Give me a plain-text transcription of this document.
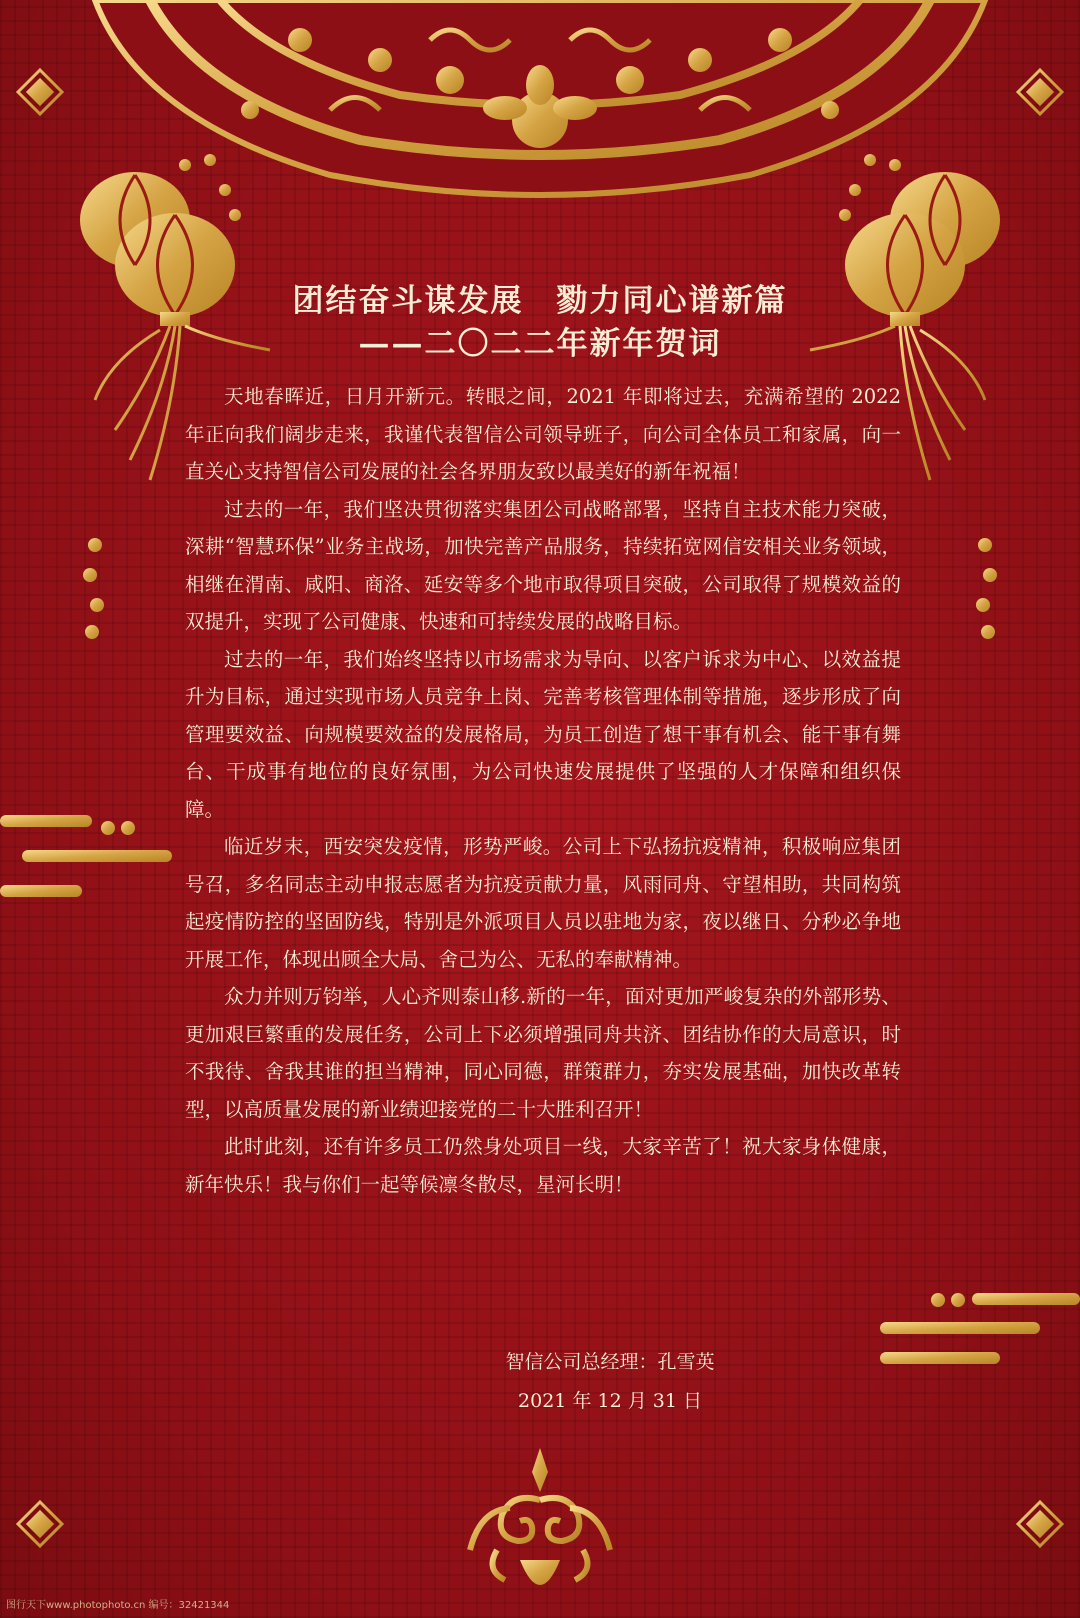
团结奋斗谋发展　勠力同心谱新篇
——二〇二二年新年贺词

天地春晖近，日月开新元。转眼之间，2021 年即将过去，充满希望的 2022 年正向我们阔步走来，我谨代表智信公司领导班子，向公司全体员工和家属，向一直关心支持智信公司发展的社会各界朋友致以最美好的新年祝福！

过去的一年，我们坚决贯彻落实集团公司战略部署，坚持自主技术能力突破，深耕“智慧环保”业务主战场，加快完善产品服务，持续拓宽网信安相关业务领域，相继在渭南、咸阳、商洛、延安等多个地市取得项目突破，公司取得了规模效益的双提升，实现了公司健康、快速和可持续发展的战略目标。

过去的一年，我们始终坚持以市场需求为导向、以客户诉求为中心、以效益提升为目标，通过实现市场人员竞争上岗、完善考核管理体制等措施，逐步形成了向管理要效益、向规模要效益的发展格局，为员工创造了想干事有机会、能干事有舞台、干成事有地位的良好氛围，为公司快速发展提供了坚强的人才保障和组织保障。

临近岁末，西安突发疫情，形势严峻。公司上下弘扬抗疫精神，积极响应集团号召，多名同志主动申报志愿者为抗疫贡献力量，风雨同舟、守望相助，共同构筑起疫情防控的坚固防线，特别是外派项目人员以驻地为家，夜以继日、分秒必争地开展工作，体现出顾全大局、舍己为公、无私的奉献精神。

众力并则万钧举，人心齐则泰山移.新的一年，面对更加严峻复杂的外部形势、更加艰巨繁重的发展任务，公司上下必须增强同舟共济、团结协作的大局意识，时不我待、舍我其谁的担当精神，同心同德，群策群力，夯实发展基础，加快改革转型，以高质量发展的新业绩迎接党的二十大胜利召开！

此时此刻，还有许多员工仍然身处项目一线，大家辛苦了！祝大家身体健康，新年快乐！我与你们一起等候凛冬散尽，星河长明！

智信公司总经理：孔雪英
2021 年 12 月 31 日
图行天下www.photophoto.cn 编号：32421344
